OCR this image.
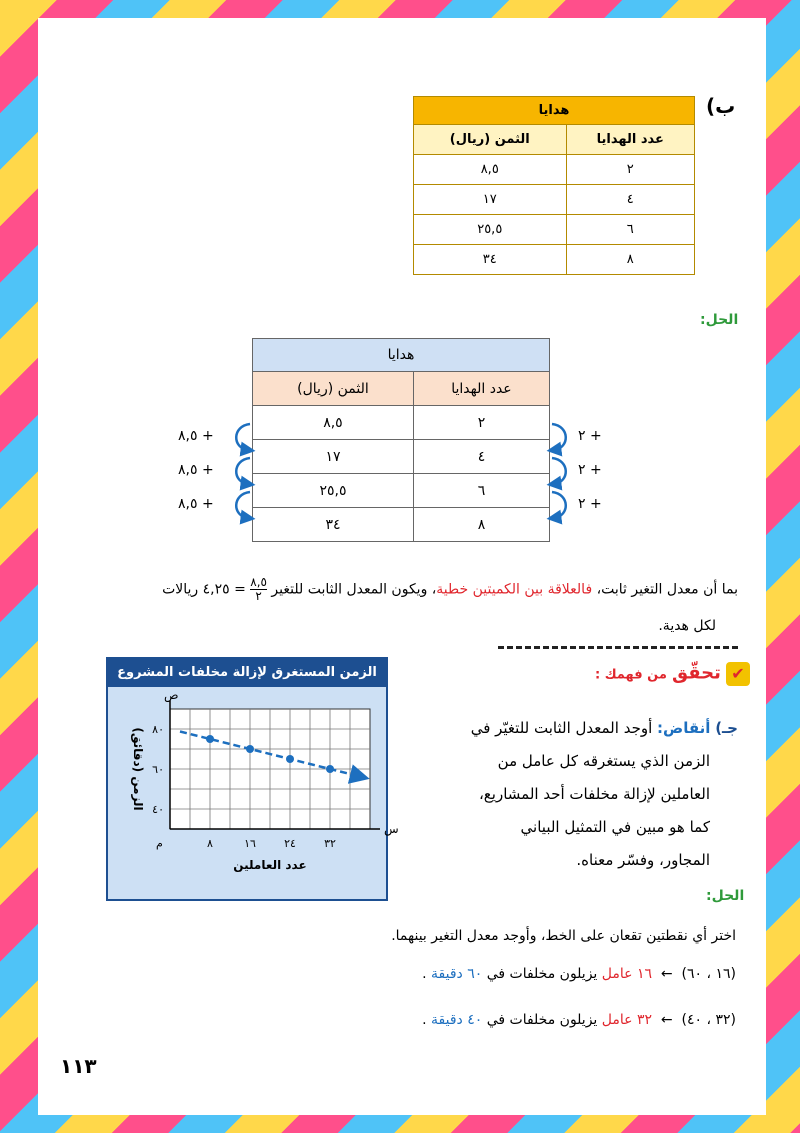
ب)
هدايا	
عدد الهدايا	الثمن (ريال)
٢	٨,٥
٤	١٧
٦	٢٥,٥
٨	٣٤
الحل:
هدايا	
عدد الهدايا	الثمن (ريال)
٢	٨,٥
٤	١٧
٦	٢٥,٥
٨	٣٤
+ ٨,٥
+ ٨,٥
+ ٨,٥
+ ٢
+ ٢
+ ٢
بما أن معدل التغير ثابت، فالعلاقة بين الكميتين خطية، ويكون المعدل الثابت للتغير
٨,٥
٢
= ٤,٢٥ ريالات
لكل هدية.
✔ تحقّق من فهمك :
جـ) أنقاض: أوجد المعدل الثابت للتغيّر في
الزمن الذي يستغرقه كل عامل من
العاملين لإزالة مخلفات أحد المشاريع،
كما هو مبين في التمثيل البياني
المجاور، وفسّر معناه.
الزمن المستغرق لإزالة مخلفات المشروع
س
ص
م	٨	١٦	٢٤	٣٢
٤٠
٦٠
٨٠
عدد العاملين
الزمن (دقائق)
الحل:
اختر أي نقطتين تقعان على الخط، وأوجد معدل التغير بينهما.
(١٦ ، ٦٠)  ←  ١٦ عامل يزيلون مخلفات في ٦٠ دقيقة .
(٣٢ ، ٤٠)  ←  ٣٢ عامل يزيلون مخلفات في ٤٠ دقيقة .
١١٣
